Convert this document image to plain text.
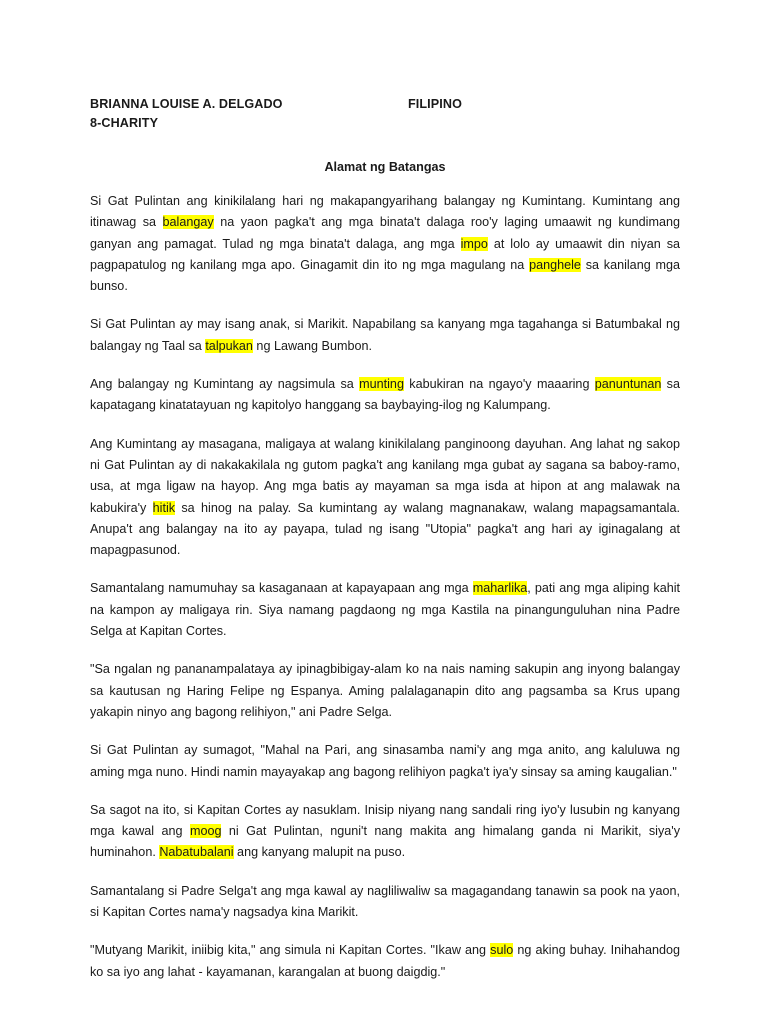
BRIANNA LOUISE A. DELGADO	FILIPINO
8-CHARITY
Alamat ng Batangas

Si Gat Pulintan ang kinikilalang hari ng makapangyarihang balangay ng Kumintang. Kumintang ang itinawag sa balangay na yaon pagka't ang mga binata't dalaga roo'y laging umaawit ng kundimang ganyan ang pamagat. Tulad ng mga binata't dalaga, ang mga impo at lolo ay umaawit din niyan sa pagpapatulog ng kanilang mga apo. Ginagamit din ito ng mga magulang na panghele sa kanilang mga bunso.

Si Gat Pulintan ay may isang anak, si Marikit. Napabilang sa kanyang mga tagahanga si Batumbakal ng balangay ng Taal sa talpukan ng Lawang Bumbon.

Ang balangay ng Kumintang ay nagsimula sa munting kabukiran na ngayo'y maaaring panuntunan sa kapatagang kinatatayuan ng kapitolyo hanggang sa baybaying-ilog ng Kalumpang.

Ang Kumintang ay masagana, maligaya at walang kinikilalang panginoong dayuhan. Ang lahat ng sakop ni Gat Pulintan ay di nakakakilala ng gutom pagka't ang kanilang mga gubat ay sagana sa baboy-ramo, usa, at mga ligaw na hayop. Ang mga batis ay mayaman sa mga isda at hipon at ang malawak na kabukira'y hitik sa hinog na palay. Sa kumintang ay walang magnanakaw, walang mapagsamantala. Anupa't ang balangay na ito ay payapa, tulad ng isang "Utopia" pagka't ang hari ay iginagalang at mapagpasunod.

Samantalang namumuhay sa kasaganaan at kapayapaan ang mga maharlika, pati ang mga aliping kahit na kampon ay maligaya rin. Siya namang pagdaong ng mga Kastila na pinangunguluhan nina Padre Selga at Kapitan Cortes.

"Sa ngalan ng pananampalataya ay ipinagbibigay-alam ko na nais naming sakupin ang inyong balangay sa kautusan ng Haring Felipe ng Espanya. Aming palalaganapin dito ang pagsamba sa Krus upang yakapin ninyo ang bagong relihiyon," ani Padre Selga.

Si Gat Pulintan ay sumagot, "Mahal na Pari, ang sinasamba nami'y ang mga anito, ang kaluluwa ng aming mga nuno. Hindi namin mayayakap ang bagong relihiyon pagka't iya'y sinsay sa aming kaugalian."

Sa sagot na ito, si Kapitan Cortes ay nasuklam. Inisip niyang nang sandali ring iyo'y lusubin ng kanyang mga kawal ang moog ni Gat Pulintan, nguni't nang makita ang himalang ganda ni Marikit, siya'y huminahon. Nabatubalani ang kanyang malupit na puso.

Samantalang si Padre Selga't ang mga kawal ay nagliliwaliw sa magagandang tanawin sa pook na yaon, si Kapitan Cortes nama'y nagsadya kina Marikit.

"Mutyang Marikit, iniibig kita," ang simula ni Kapitan Cortes. "Ikaw ang sulo ng aking buhay. Inihahandog ko sa iyo ang lahat - kayamanan, karangalan at buong daigdig."
